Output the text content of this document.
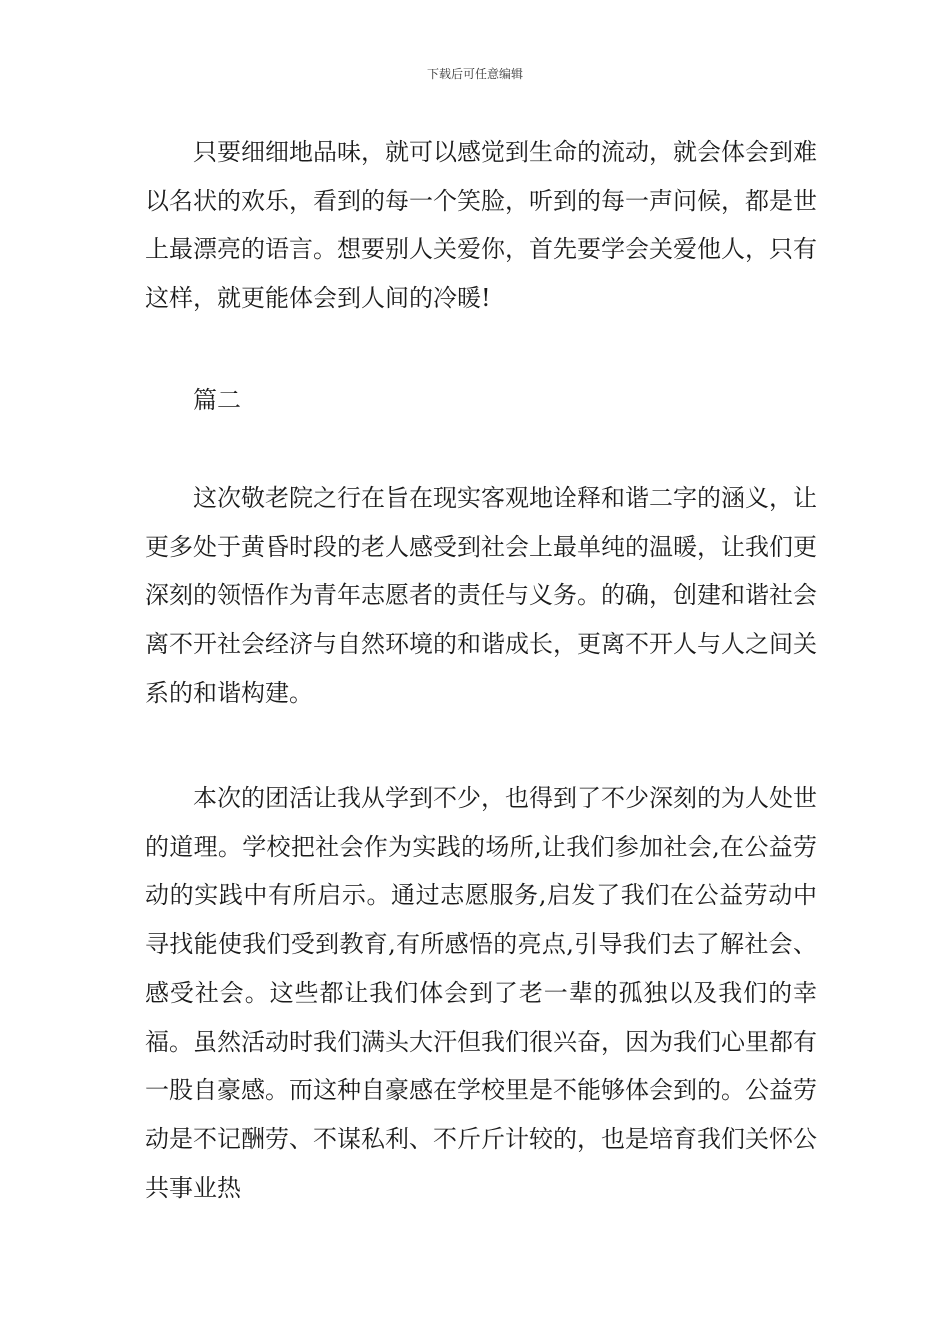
下载后可任意编辑

只要细细地品味，就可以感觉到生命的流动，就会体会到难以名状的欢乐，看到的每一个笑脸，听到的每一声问候，都是世上最漂亮的语言。想要别人关爱你，首先要学会关爱他人，只有这样，就更能体会到人间的冷暖!

篇二

这次敬老院之行在旨在现实客观地诠释和谐二字的涵义，让更多处于黄昏时段的老人感受到社会上最单纯的温暖，让我们更深刻的领悟作为青年志愿者的责任与义务。的确，创建和谐社会离不开社会经济与自然环境的和谐成长，更离不开人与人之间关系的和谐构建。

本次的团活让我从学到不少，也得到了不少深刻的为人处世的道理。学校把社会作为实践的场所,让我们参加社会,在公益劳动的实践中有所启示。通过志愿服务,启发了我们在公益劳动中寻找能使我们受到教育,有所感悟的亮点,引导我们去了解社会、感受社会。这些都让我们体会到了老一辈的孤独以及我们的幸福。虽然活动时我们满头大汗但我们很兴奋，因为我们心里都有一股自豪感。而这种自豪感在学校里是不能够体会到的。公益劳动是不记酬劳、不谋私利、不斤斤计较的，也是培育我们关怀公共事业热
